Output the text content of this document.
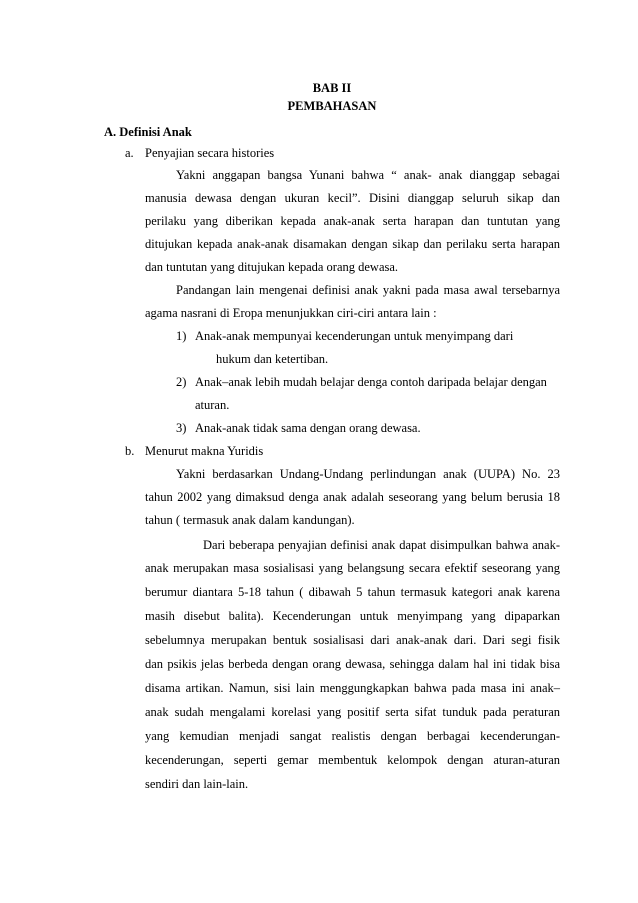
BAB II
PEMBAHASAN
A. Definisi Anak
a. Penyajian secara histories
Yakni anggapan bangsa Yunani bahwa “ anak- anak dianggap sebagai
manusia dewasa dengan ukuran kecil”. Disini dianggap seluruh sikap dan
perilaku yang diberikan kepada anak-anak serta harapan dan tuntutan yang
ditujukan kepada anak-anak disamakan dengan sikap dan perilaku serta harapan
dan tuntutan yang ditujukan kepada orang dewasa.
Pandangan lain mengenai definisi anak yakni pada masa awal tersebarnya
agama nasrani di Eropa menunjukkan ciri-ciri antara lain :
1) Anak-anak mempunyai kecenderungan untuk menyimpang dari
hukum dan ketertiban.
2) Anak–anak lebih mudah belajar denga contoh daripada belajar dengan
aturan.
3) Anak-anak tidak sama dengan orang dewasa.
b. Menurut makna Yuridis
Yakni berdasarkan Undang-Undang perlindungan anak (UUPA) No. 23
tahun 2002 yang dimaksud denga anak adalah seseorang yang belum berusia 18
tahun ( termasuk anak dalam kandungan).
Dari beberapa penyajian definisi anak dapat disimpulkan bahwa anak-
anak merupakan masa sosialisasi yang belangsung secara efektif seseorang yang
berumur diantara 5-18 tahun ( dibawah 5 tahun termasuk kategori anak karena
masih disebut balita). Kecenderungan untuk menyimpang yang dipaparkan
sebelumnya merupakan bentuk sosialisasi dari anak-anak dari. Dari segi fisik
dan psikis jelas berbeda dengan orang dewasa, sehingga dalam hal ini tidak bisa
disama artikan. Namun, sisi lain menggungkapkan bahwa pada masa ini anak–
anak sudah mengalami korelasi yang positif serta sifat tunduk pada peraturan
yang kemudian menjadi sangat realistis dengan berbagai kecenderungan-
kecenderungan, seperti gemar membentuk kelompok dengan aturan-aturan
sendiri dan lain-lain.
